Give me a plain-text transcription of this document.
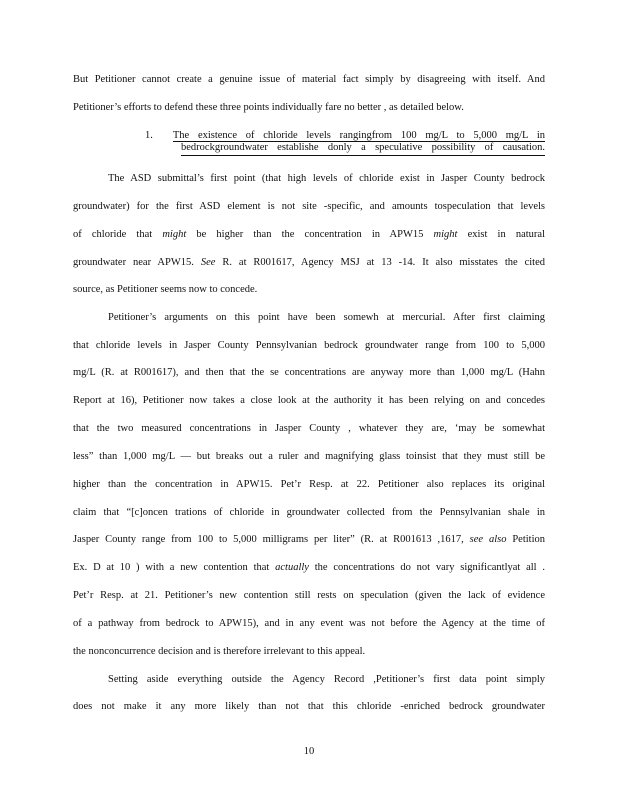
But Petitioner cannot create a genuine issue of material fact simply by disagreeing with itself. And
Petitioner’s efforts to defend these three points individually fare no better , as detailed below.
1. The existence of chloride levels rangingfrom 100 mg/L to 5,000 mg/L in
bedrockgroundwater establishe donly a speculative possibility of causation.
The ASD submittal’s first point (that high levels of chloride exist in Jasper County bedrock
groundwater) for the first ASD element is not site -specific, and amounts tospeculation that levels
of chloride that might be higher than the concentration in APW15 might exist in natural
groundwater near APW15. See R. at R001617, Agency MSJ at 13 -14. It also misstates the cited
source, as Petitioner seems now to concede.
Petitioner’s arguments on this point have been somewh at mercurial. After first claiming
that chloride levels in Jasper County Pennsylvanian bedrock groundwater range from 100 to 5,000
mg/L (R. at R001617), and then that the se concentrations are anyway more than 1,000 mg/L (Hahn
Report at 16), Petitioner now takes a close look at the authority it has been relying on and concedes
that the two measured concentrations in Jasper County , whatever they are, ‘may be somewhat
less” than 1,000 mg/L — but breaks out a ruler and magnifying glass toinsist that they must still be
higher than the concentration in APW15. Pet’r Resp. at 22. Petitioner also replaces its original
claim that “[c]oncen trations of chloride in groundwater collected from the Pennsylvanian shale in
Jasper County range from 100 to 5,000 milligrams per liter” (R. at R001613 ,1617, see also Petition
Ex. D at 10 ) with a new contention that actually the concentrations do not vary significantlyat all .
Pet’r Resp. at 21. Petitioner’s new contention still rests on speculation (given the lack of evidence
of a pathway from bedrock to APW15), and in any event was not before the Agency at the time of
the nonconcurrence decision and is therefore irrelevant to this appeal.
Setting aside everything outside the Agency Record ,Petitioner’s first data point simply
does not make it any more likely than not that this chloride -enriched bedrock groundwater
10
